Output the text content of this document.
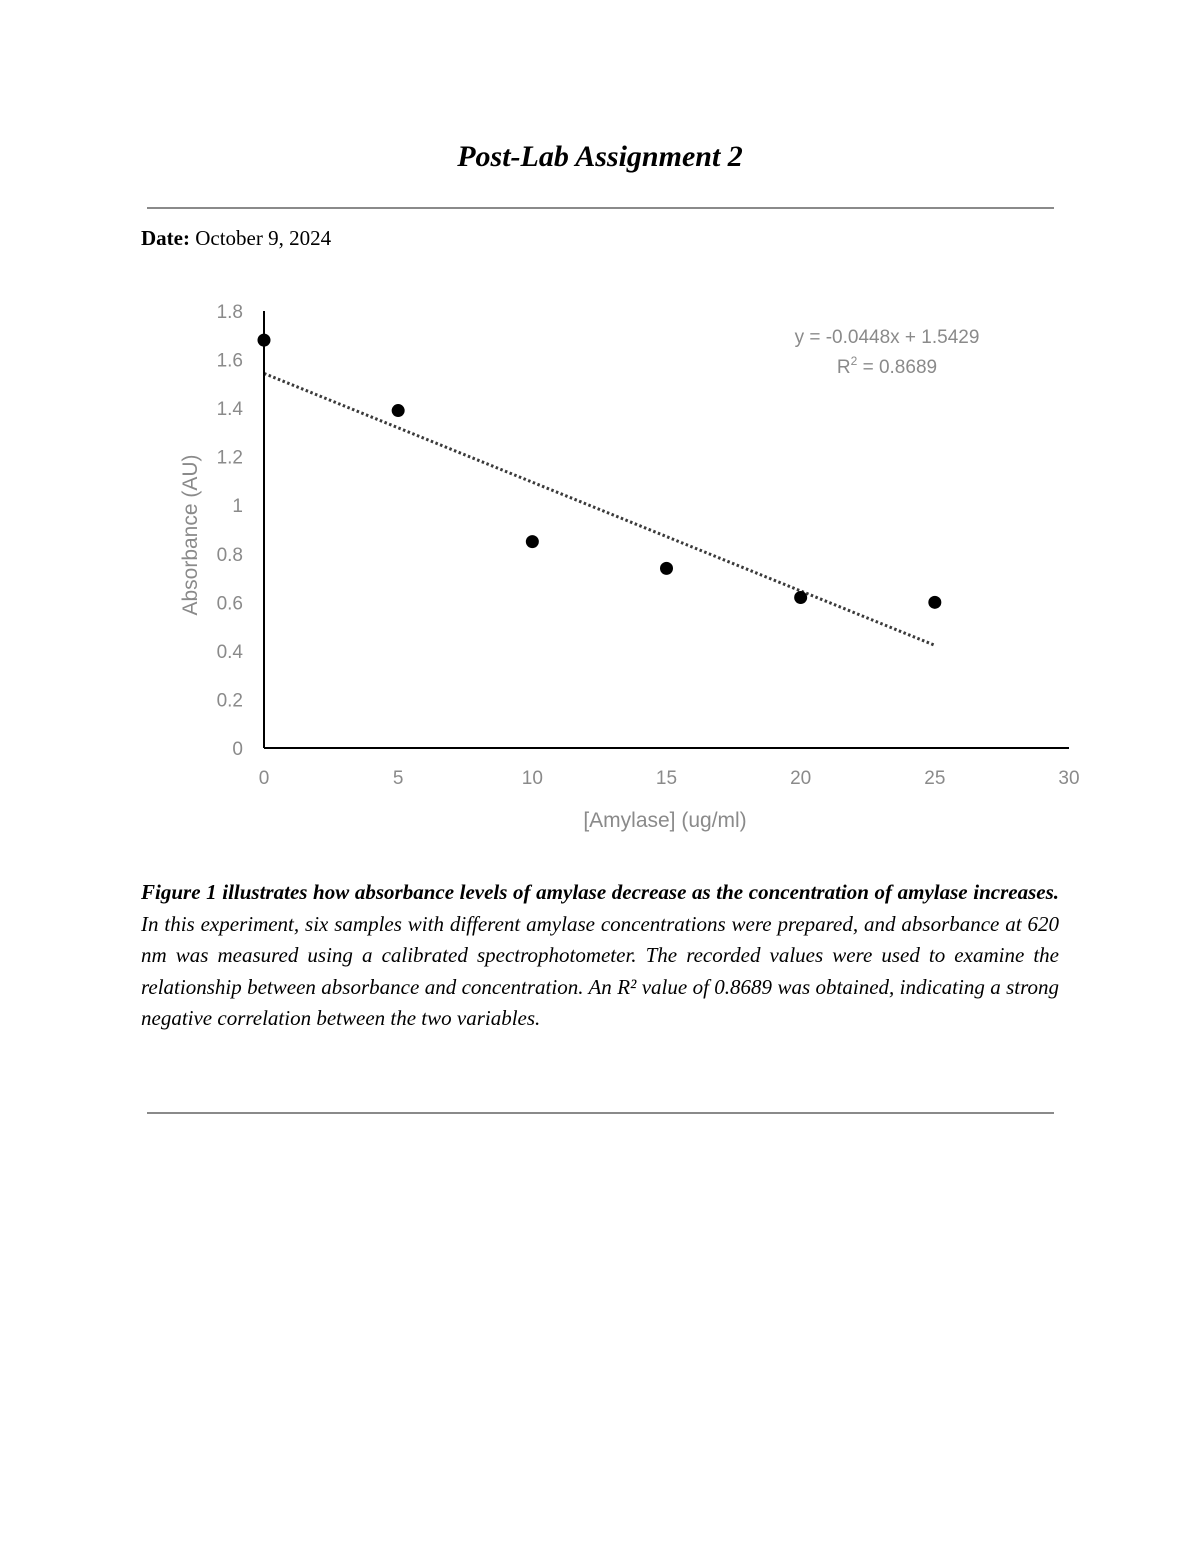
Post-Lab Assignment 2
Date: October 9, 2024
0
0.2
0.4
0.6
0.8
1
1.2
1.4
1.6
1.8
0	5	10	15	20	25	30
Absorbance (AU)
[Amylase] (ug/ml)
y = -0.0448x + 1.5429
$R^2 = 0.8689$
Figure 1 illustrates how absorbance levels of amylase decrease as the concentration of amylase increases. In this experiment, six samples with different amylase concentrations were prepared, and absorbance at 620 nm was measured using a calibrated spectrophotometer. The recorded values were used to examine the relationship between absorbance and concentration. An R² value of 0.8689 was obtained, indicating a strong negative correlation between the two variables.
